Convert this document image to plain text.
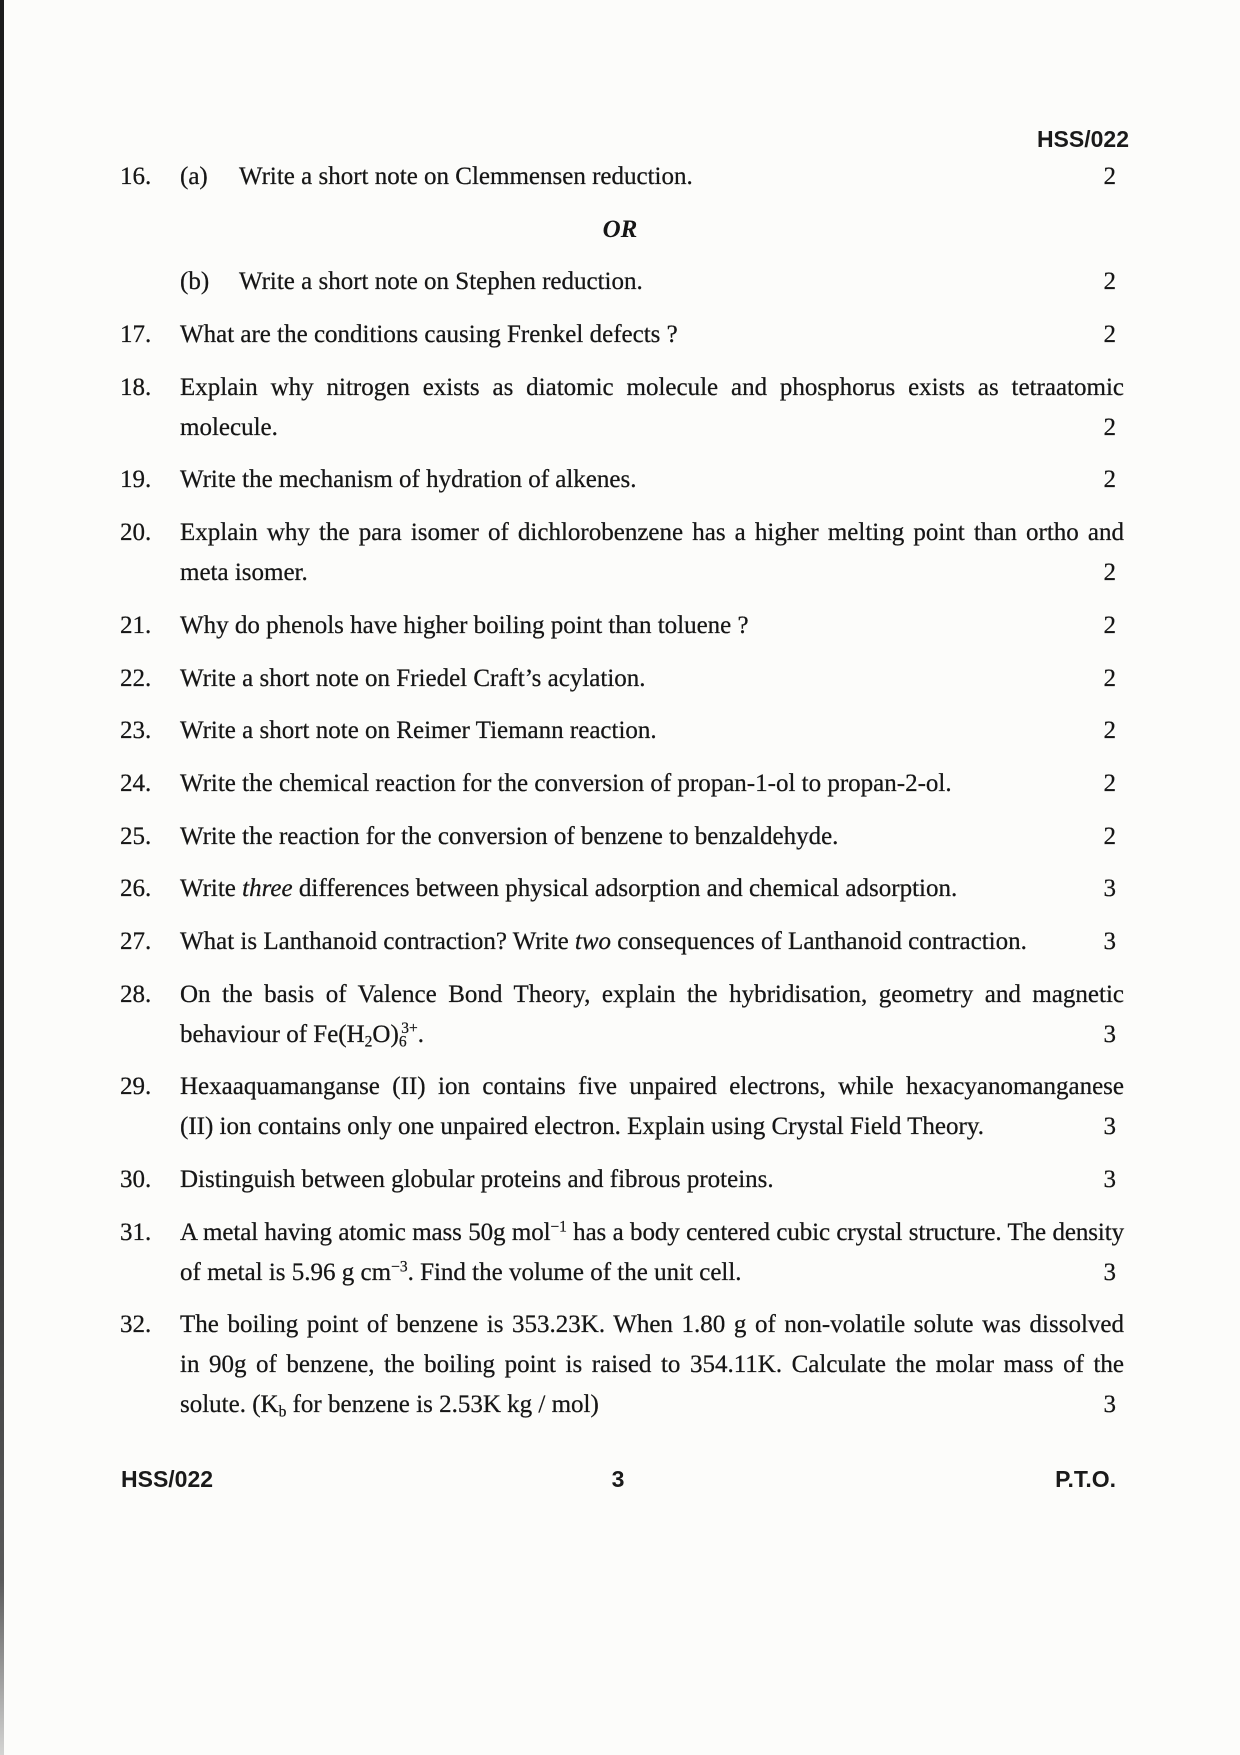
HSS/022
16. (a) Write a short note on Clemmensen reduction.	2
OR
(b) Write a short note on Stephen reduction.	2
17. What are the conditions causing Frenkel defects ?	2
18. Explain why nitrogen exists as diatomic molecule and phosphorus exists as tetraatomic
molecule.	2
19. Write the mechanism of hydration of alkenes.	2
20. Explain why the para isomer of dichlorobenzene has a higher melting point than ortho and
meta isomer.	2
21. Why do phenols have higher boiling point than toluene ?	2
22. Write a short note on Friedel Craft’s acylation.	2
23. Write a short note on Reimer Tiemann reaction.	2
24. Write the chemical reaction for the conversion of propan-1-ol to propan-2-ol.	2
25. Write the reaction for the conversion of benzene to benzaldehyde.	2
26. Write three differences between physical adsorption and chemical adsorption.	3
27. What is Lanthanoid contraction? Write two consequences of Lanthanoid contraction.	3
28. On the basis of Valence Bond Theory, explain the hybridisation, geometry and magnetic
behaviour of $Fe(H_2O)_6^{3+}$.	3
29. Hexaaquamanganse (II) ion contains five unpaired electrons, while hexacyanomanganese
(II) ion contains only one unpaired electron. Explain using Crystal Field Theory.	3
30. Distinguish between globular proteins and fibrous proteins.	3
31. A metal having atomic mass 50g mol$^{-1}$ has a body centered cubic crystal structure. The density
of metal is 5.96 g $cm^{-3}$. Find the volume of the unit cell.	3
32. The boiling point of benzene is 353.23K. When 1.80 g of non-volatile solute was dissolved
in 90g of benzene, the boiling point is raised to 354.11K. Calculate the molar mass of the
solute. ($K_b$ for benzene is 2.53K kg / mol)	3
HSS/022	3	P.T.O.
